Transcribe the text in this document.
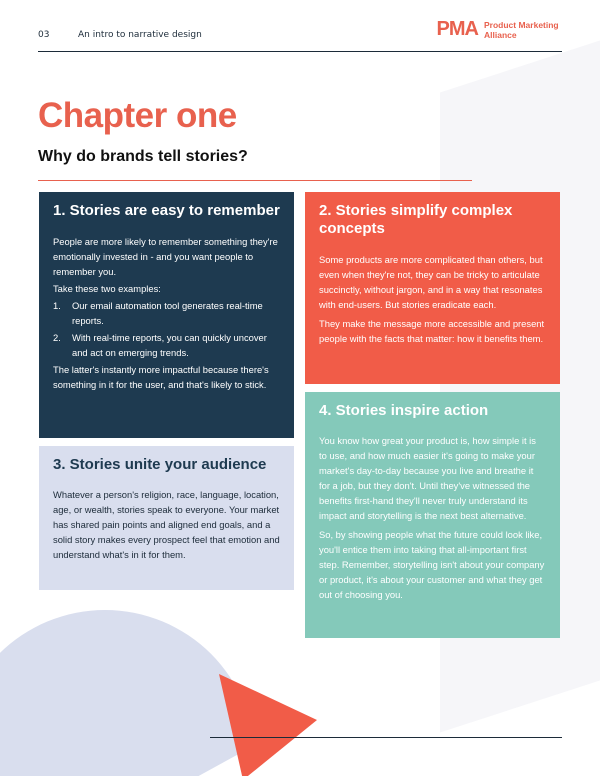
03	An intro to narrative design	PMA Product Marketing Alliance
Chapter one
Why do brands tell stories?
1. Stories are easy to remember

People are more likely to remember something they're emotionally invested in - and you want people to remember you.

Take these two examples:

1.	Our email automation tool generates real-time reports.
2.	With real-time reports, you can quickly uncover and act on emerging trends.

The latter's instantly more impactful because there's something in it for the user, and that's likely to stick.

2. Stories simplify complex concepts

Some products are more complicated than others, but even when they're not, they can be tricky to articulate succinctly, without jargon, and in a way that resonates with end-users. But stories eradicate each.

They make the message more accessible and present people with the facts that matter: how it benefits them.

3. Stories unite your audience

Whatever a person's religion, race, language, location, age, or wealth, stories speak to everyone. Your market has shared pain points and aligned end goals, and a solid story makes every prospect feel that emotion and understand what's in it for them.

4. Stories inspire action

You know how great your product is, how simple it is to use, and how much easier it's going to make your market's day-to-day because you live and breathe it for a job, but they don't. Until they've witnessed the benefits first-hand they'll never truly understand its impact and storytelling is the next best alternative.

So, by showing people what the future could look like, you'll entice them into taking that all-important first step. Remember, storytelling isn't about your company or product, it's about your customer and what they get out of choosing you.
